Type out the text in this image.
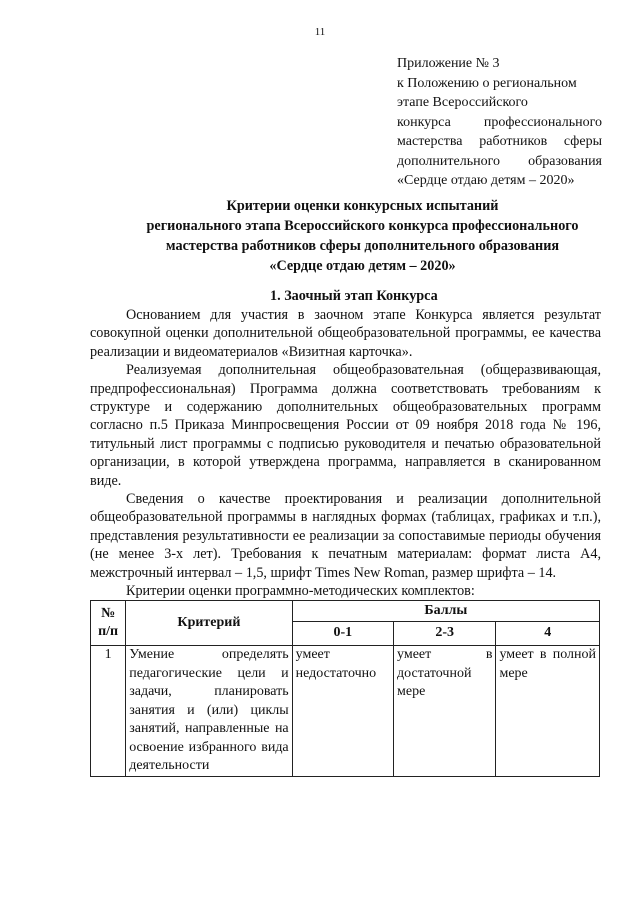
11
Приложение № 3
к Положению о региональном
этапе Всероссийского
конкурса профессионального
мастерства работников сферы
дополнительного образования
«Сердце отдаю детям – 2020»
Критерии оценки конкурсных испытаний
регионального этапа Всероссийского конкурса профессионального
мастерства работников сферы дополнительного образования
«Сердце отдаю детям – 2020»
1. Заочный этап Конкурса

Основанием для участия в заочном этапе Конкурса является результат совокупной оценки дополнительной общеобразовательной программы, ее качества реализации и видеоматериалов «Визитная карточка».

Реализуемая дополнительная общеобразовательная (общеразвивающая, предпрофессиональная) Программа должна соответствовать требованиям к структуре и содержанию дополнительных общеобразовательных программ согласно п.5 Приказа Минпросвещения России от 09 ноября 2018 года № 196, титульный лист программы с подписью руководителя и печатью образовательной организации, в которой утверждена программа, направляется в сканированном виде.

Сведения о качестве проектирования и реализации дополнительной общеобразовательной программы в наглядных формах (таблицах, графиках и т.п.), представления результативности ее реализации за сопоставимые периоды обучения (не менее 3-х лет). Требования к печатным материалам: формат листа А4, межстрочный интервал – 1,5, шрифт Times New Roman, размер шрифта – 14.

Критерии оценки программно-методических комплектов:

№ п/п	Критерий	Баллы		
		0-1	2-3	4
1	Умение определять педагогические цели и задачи, планировать занятия и (или) циклы занятий, направленные на освоение избранного вида деятельности	умеет недостаточно	умеет в достаточной мере	умеет в полной мере
